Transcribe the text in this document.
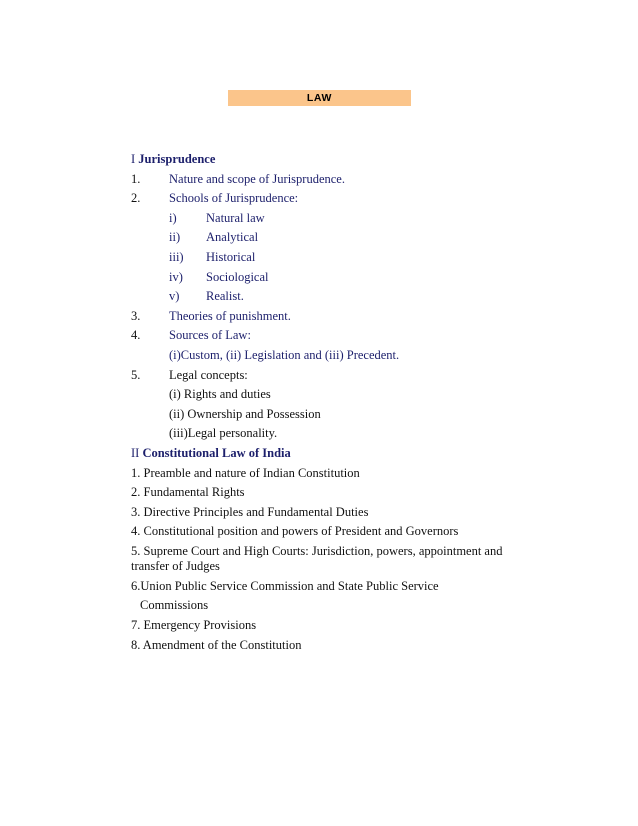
LAW
I Jurisprudence
1.	Nature and scope of Jurisprudence.
2.	Schools of Jurisprudence:
i)	Natural law
ii)	Analytical
iii)	Historical
iv)	Sociological
v)	Realist.
3.	Theories of punishment.
4.	Sources of Law:
(i)Custom, (ii) Legislation and (iii) Precedent.
5.	Legal concepts:
(i) Rights and duties
(ii) Ownership and Possession
(iii)Legal personality.
II Constitutional Law of India
1. Preamble and nature of Indian Constitution
2. Fundamental Rights
3. Directive Principles and Fundamental Duties
4. Constitutional position and powers of President and Governors
5. Supreme Court and High Courts: Jurisdiction, powers, appointment and transfer of Judges
6.Union Public Service Commission and State Public Service
Commissions
7. Emergency Provisions
8. Amendment of the Constitution
